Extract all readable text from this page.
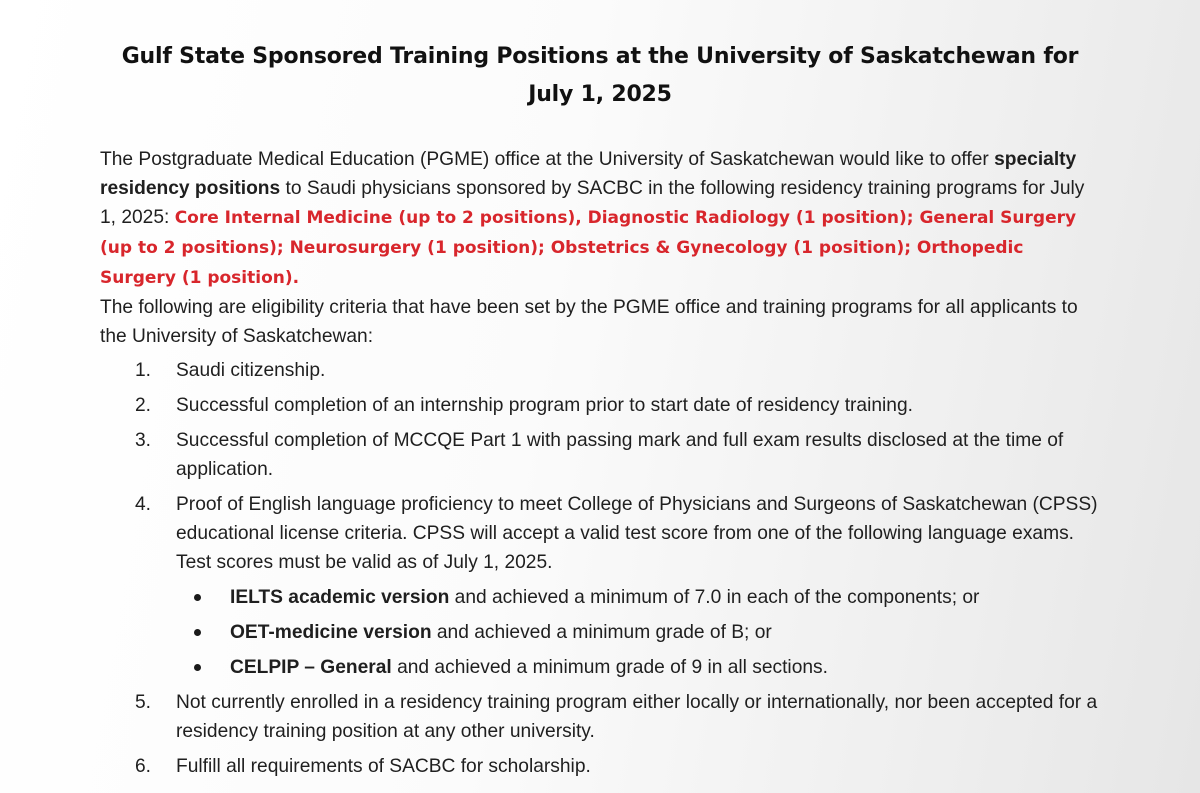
Gulf State Sponsored Training Positions at the University of Saskatchewan for
July 1, 2025

The Postgraduate Medical Education (PGME) office at the University of Saskatchewan would like to offer specialty residency positions to Saudi physicians sponsored by SACBC in the following residency training programs for July 1, 2025: Core Internal Medicine (up to 2 positions), Diagnostic Radiology (1 position); General Surgery (up to 2 positions); Neurosurgery (1 position); Obstetrics & Gynecology (1 position); Orthopedic Surgery (1 position).

The following are eligibility criteria that have been set by the PGME office and training programs for all applicants to the University of Saskatchewan:

1.	Saudi citizenship.
2.	Successful completion of an internship program prior to start date of residency training.
3.	Successful completion of MCCQE Part 1 with passing mark and full exam results disclosed at the time of application.
4.	Proof of English language proficiency to meet College of Physicians and Surgeons of Saskatchewan (CPSS) educational license criteria. CPSS will accept a valid test score from one of the following language exams. Test scores must be valid as of July 1, 2025.
IELTS academic version and achieved a minimum of 7.0 in each of the components; or
OET-medicine version and achieved a minimum grade of B; or
CELPIP – General and achieved a minimum grade of 9 in all sections.
5.	Not currently enrolled in a residency training program either locally or internationally, nor been accepted for a residency training position at any other university.
6.	Fulfill all requirements of SACBC for scholarship.
